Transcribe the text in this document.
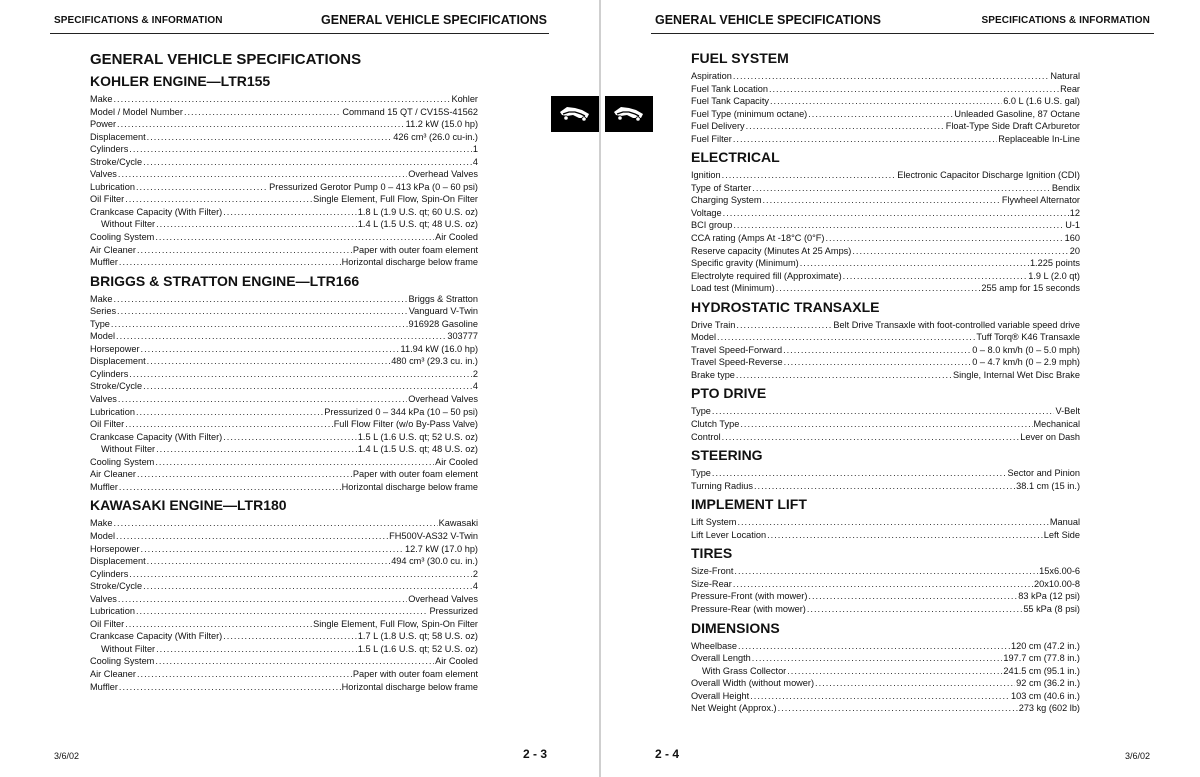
SPECIFICATIONS & INFORMATION	GENERAL VEHICLE SPECIFICATIONS
GENERAL VEHICLE SPECIFICATIONS
KOHLER ENGINE—LTR155
Make .....	Kohler
Model / Model Number .....	Command 15 QT / CV15S-41562
Power .....	11.2 kW (15.0 hp)
Displacement .....	426 cm³ (26.0 cu-in.)
Cylinders .....	1
Stroke/Cycle .....	4
Valves .....	Overhead Valves
Lubrication .....	Pressurized Gerotor Pump 0 – 413 kPa (0 – 60 psi)
Oil Filter .....	Single Element, Full Flow, Spin-On Filter
Crankcase Capacity (With Filter) .....	1.8 L (1.9 U.S. qt; 60 U.S. oz)
Without Filter .....	1.4 L (1.5 U.S. qt; 48 U.S. oz)
Cooling System .....	Air Cooled
Air Cleaner .....	Paper with outer foam element
Muffler .....	Horizontal discharge below frame
BRIGGS & STRATTON ENGINE—LTR166
Make .....	Briggs & Stratton
Series .....	Vanguard V-Twin
Type .....	916928 Gasoline
Model .....	303777
Horsepower .....	11.94 kW (16.0 hp)
Displacement .....	480 cm³ (29.3 cu. in.)
Cylinders .....	2
Stroke/Cycle .....	4
Valves .....	Overhead Valves
Lubrication .....	Pressurized 0 – 344 kPa (10 – 50 psi)
Oil Filter .....	Full Flow Filter (w/o By-Pass Valve)
Crankcase Capacity (With Filter) .....	1.5 L (1.6 U.S. qt; 52 U.S. oz)
Without Filter .....	1.4 L (1.5 U.S. qt; 48 U.S. oz)
Cooling System .....	Air Cooled
Air Cleaner .....	Paper with outer foam element
Muffler .....	Horizontal discharge below frame
KAWASAKI ENGINE—LTR180
Make .....	Kawasaki
Model .....	FH500V-AS32 V-Twin
Horsepower .....	12.7 kW (17.0 hp)
Displacement .....	494 cm³ (30.0 cu. in.)
Cylinders .....	2
Stroke/Cycle .....	4
Valves .....	Overhead Valves
Lubrication .....	Pressurized
Oil Filter .....	Single Element, Full Flow, Spin-On Filter
Crankcase Capacity (With Filter) .....	1.7 L (1.8 U.S. qt; 58 U.S. oz)
Without Filter .....	1.5 L (1.6 U.S. qt; 52 U.S. oz)
Cooling System .....	Air Cooled
Air Cleaner .....	Paper with outer foam element
Muffler .....	Horizontal discharge below frame
3/6/02	2 - 3
GENERAL VEHICLE SPECIFICATIONS	SPECIFICATIONS & INFORMATION
FUEL SYSTEM
Aspiration .....	Natural
Fuel Tank Location .....	Rear
Fuel Tank Capacity .....	6.0 L (1.6 U.S. gal)
Fuel Type (minimum octane) .....	Unleaded Gasoline, 87 Octane
Fuel Delivery .....	Float-Type Side Draft CArburetor
Fuel Filter .....	Replaceable In-Line
ELECTRICAL
Ignition .....	Electronic Capacitor Discharge Ignition (CDI)
Type of Starter .....	Bendix
Charging System .....	Flywheel Alternator
Voltage .....	12
BCI group .....	U-1
CCA rating (Amps At -18°C (0°F) .....	160
Reserve capacity (Minutes At 25 Amps) .....	20
Specific gravity (Minimum) .....	1.225 points
Electrolyte required fill (Approximate) .....	1.9 L (2.0 qt)
Load test (Minimum) .....	255 amp for 15 seconds
HYDROSTATIC TRANSAXLE
Drive Train .....	Belt Drive Transaxle with foot-controlled variable speed drive
Model .....	Tuff Torq® K46 Transaxle
Travel Speed-Forward .....	0 – 8.0 km/h (0 – 5.0 mph)
Travel Speed-Reverse .....	0 – 4.7 km/h (0 – 2.9 mph)
Brake type .....	Single, Internal Wet Disc Brake
PTO DRIVE
Type .....	V-Belt
Clutch Type .....	Mechanical
Control .....	Lever on Dash
STEERING
Type .....	Sector and Pinion
Turning Radius .....	38.1 cm (15 in.)
IMPLEMENT LIFT
Lift System .....	Manual
Lift Lever Location .....	Left Side
TIRES
Size-Front .....	15x6.00-6
Size-Rear .....	20x10.00-8
Pressure-Front (with mower) .....	83 kPa (12 psi)
Pressure-Rear (with mower) .....	55 kPa (8 psi)
DIMENSIONS
Wheelbase .....	120 cm (47.2 in.)
Overall Length .....	197.7 cm (77.8 in.)
With Grass Collector .....	241.5 cm (95.1 in.)
Overall Width (without mower) .....	92 cm (36.2 in.)
Overall Height .....	103 cm (40.6 in.)
Net Weight (Approx.) .....	273 kg (602 lb)
2 - 4	3/6/02
